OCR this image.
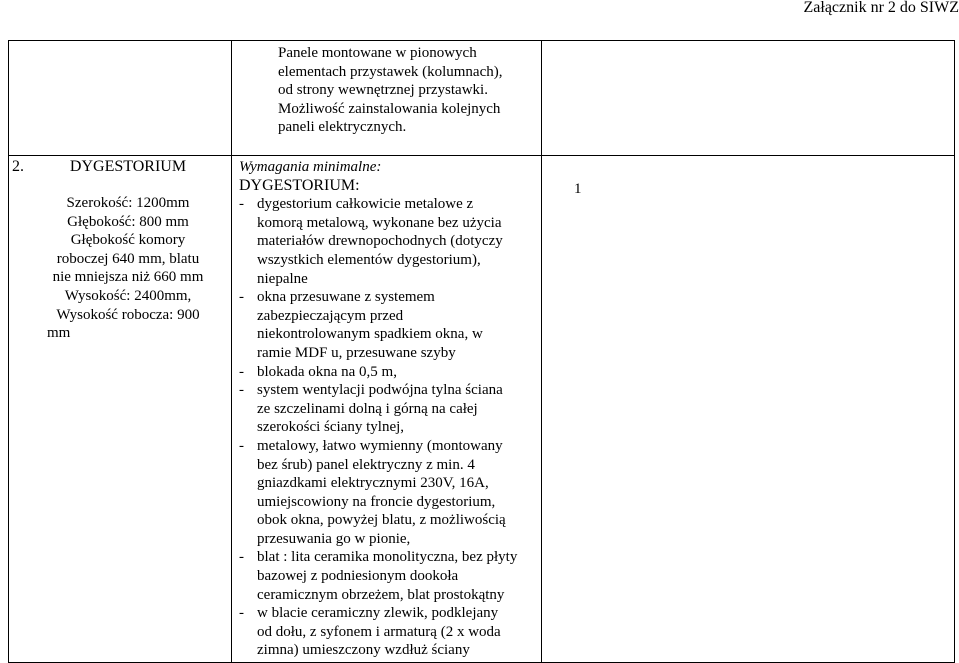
Załącznik nr 2 do SIWZ
Panele montowane w pionowych
elementach przystawek (kolumnach),
od strony wewnętrznej przystawki.
Możliwość zainstalowania kolejnych
paneli elektrycznych.
2.	DYGESTORIUM
Szerokość: 1200mm
Głębokość: 800 mm
Głębokość komory
roboczej 640 mm, blatu
nie mniejsza niż 660 mm
Wysokość: 2400mm,
Wysokość robocza: 900
mm
Wymagania minimalne:
DYGESTORIUM:
- dygestorium całkowicie metalowe z
komorą metalową, wykonane bez użycia
materiałów drewnopochodnych (dotyczy
wszystkich elementów dygestorium),
niepalne
- okna przesuwane z systemem
zabezpieczającym przed
niekontrolowanym spadkiem okna, w
ramie MDF u, przesuwane szyby
- blokada okna na 0,5 m,
- system wentylacji podwójna tylna ściana
ze szczelinami dolną i górną na całej
szerokości ściany tylnej,
- metalowy, łatwo wymienny (montowany
bez śrub) panel elektryczny z min. 4
gniazdkami elektrycznymi 230V, 16A,
umiejscowiony na froncie dygestorium,
obok okna, powyżej blatu, z możliwością
przesuwania go w pionie,
- blat : lita ceramika monolityczna, bez płyty
bazowej z podniesionym dookoła
ceramicznym obrzeżem, blat prostokątny
- w blacie ceramiczny zlewik, podklejany
od dołu, z syfonem i armaturą (2 x woda
zimna) umieszczony wzdłuż ściany
1
